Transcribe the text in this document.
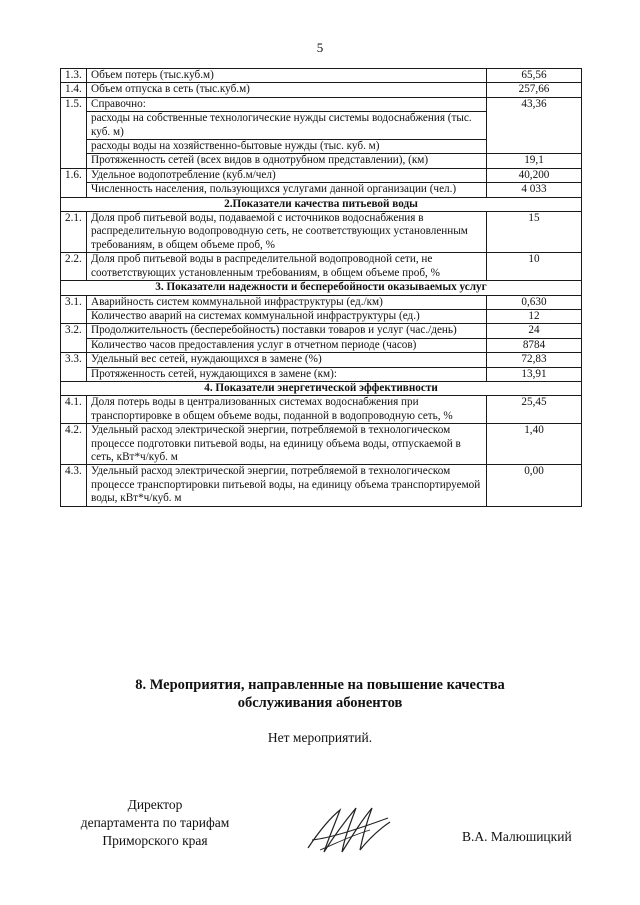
5
1.3.	Объем потерь (тыс.куб.м)	65,56
1.4.	Объем отпуска в сеть (тыс.куб.м)	257,66
1.5.	Справочно:	43,36
	расходы на собственные технологические нужды системы водоснабжения (тыс. куб. м)	
	расходы воды на хозяйственно-бытовые нужды (тыс. куб. м)	
	Протяженность сетей (всех видов в однотрубном представлении), (км)	19,1
1.6.	Удельное водопотребление (куб.м/чел)	40,200
	Численность населения, пользующихся услугами данной организации (чел.)	4 033
2.Показатели качества питьевой воды		
2.1.	Доля проб питьевой воды, подаваемой с источников водоснабжения в распределительную водопроводную сеть, не соответствующих установленным требованиям, в общем объеме проб, %	15
2.2.	Доля проб питьевой воды в распределительной водопроводной сети, не соответствующих установленным требованиям, в общем объеме проб, %	10
3. Показатели надежности и бесперебойности оказываемых услуг		
3.1.	Аварийность систем коммунальной инфраструктуры (ед./км)	0,630
	Количество аварий на системах коммунальной инфраструктуры (ед.)	12
3.2.	Продолжительность (бесперебойность) поставки товаров и услуг (час./день)	24
	Количество часов предоставления услуг в отчетном периоде (часов)	8784
3.3.	Удельный вес сетей, нуждающихся в замене (%)	72,83
	Протяженность сетей, нуждающихся в замене (км):	13,91
4. Показатели энергетической эффективности		
4.1.	Доля потерь воды в централизованных системах водоснабжения при транспортировке в общем объеме воды, поданной в водопроводную сеть, %	25,45
4.2.	Удельный расход электрической энергии, потребляемой в технологическом процессе подготовки питьевой воды, на единицу объема воды, отпускаемой в сеть, кВт*ч/куб. м	1,40
4.3.	Удельный расход электрической энергии, потребляемой в технологическом процессе транспортировки питьевой воды, на единицу объема транспортируемой воды, кВт*ч/куб. м	0,00
8. Мероприятия, направленные на повышение качества
обслуживания абонентов
Нет мероприятий.
Директор
департамента по тарифам
Приморского края	В.А. Малюшицкий
